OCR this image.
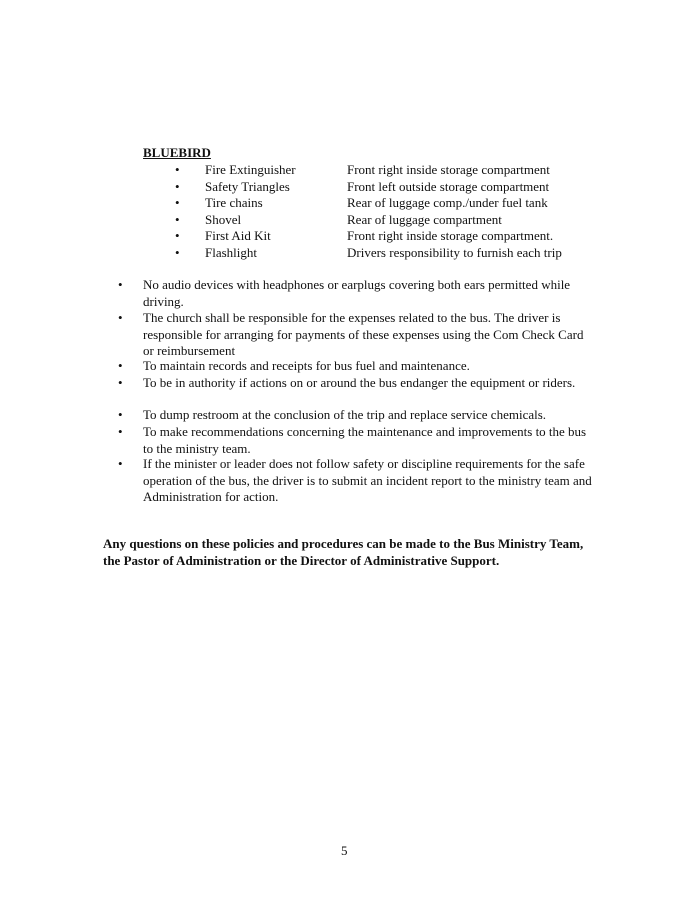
BLUEBIRD
• Fire Extinguisher	Front right inside storage compartment
• Safety Triangles	Front left outside storage compartment
• Tire chains	Rear of luggage comp./under fuel tank
• Shovel	Rear of luggage compartment
• First Aid Kit	Front right inside storage compartment.
• Flashlight	Drivers responsibility to furnish each trip
• No audio devices with headphones or earplugs covering both ears permitted while driving.
• The church shall be responsible for the expenses related to the bus. The driver is responsible for arranging for payments of these expenses using the Com Check Card or reimbursement
• To maintain records and receipts for bus fuel and maintenance.
• To be in authority if actions on or around the bus endanger the equipment or riders.
• To dump restroom at the conclusion of the trip and replace service chemicals.
• To make recommendations concerning the maintenance and improvements to the bus to the ministry team.
• If the minister or leader does not follow safety or discipline requirements for the safe operation of the bus, the driver is to submit an incident report to the ministry team and Administration for action.
Any questions on these policies and procedures can be made to the Bus Ministry Team, the Pastor of Administration or the Director of Administrative Support.
5
